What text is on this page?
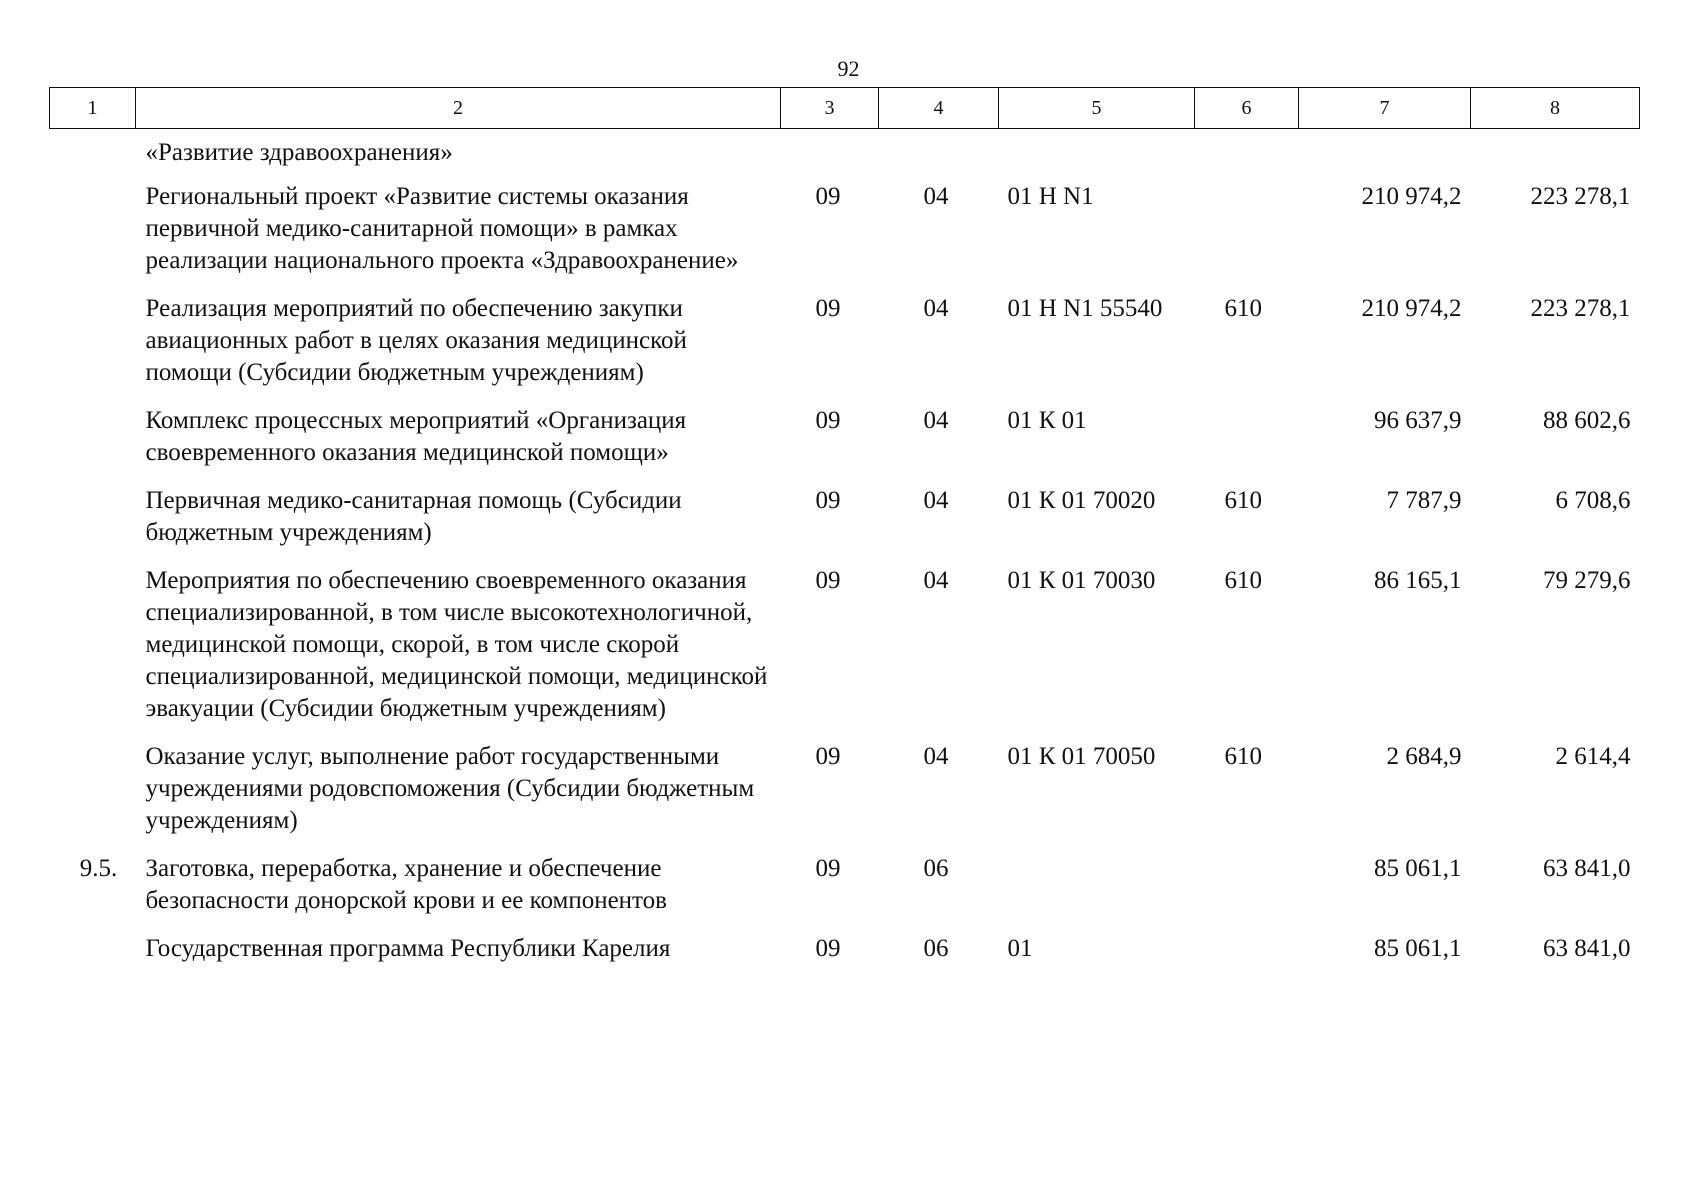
92
1	2	3	4	5	6	7	8
	«Развитие здравоохранения»						
	Региональный проект «Развитие системы оказания первичной медико-санитарной помощи» в рамках реализации национального проекта «Здравоохранение»	09	04	01 Н N1		210 974,2	223 278,1
	Реализация мероприятий по обеспечению закупки авиационных работ в целях оказания медицинской помощи (Субсидии бюджетным учреждениям)	09	04	01 Н N1 55540	610	210 974,2	223 278,1
	Комплекс процессных мероприятий «Организация своевременного оказания медицинской помощи»	09	04	01 К 01		96 637,9	88 602,6
	Первичная медико-санитарная помощь (Субсидии бюджетным учреждениям)	09	04	01 К 01 70020	610	7 787,9	6 708,6
	Мероприятия по обеспечению своевременного оказания специализированной, в том числе высокотехнологичной, медицинской помощи, скорой, в том числе скорой специализированной, медицинской помощи, медицинской эвакуации (Субсидии бюджетным учреждениям)	09	04	01 К 01 70030	610	86 165,1	79 279,6
	Оказание услуг, выполнение работ государственными учреждениями родовспоможения (Субсидии бюджетным учреждениям)	09	04	01 К 01 70050	610	2 684,9	2 614,4
9.5.	Заготовка, переработка, хранение и обеспечение безопасности донорской крови и ее компонентов	09	06			85 061,1	63 841,0
	Государственная программа Республики Карелия	09	06	01		85 061,1	63 841,0
